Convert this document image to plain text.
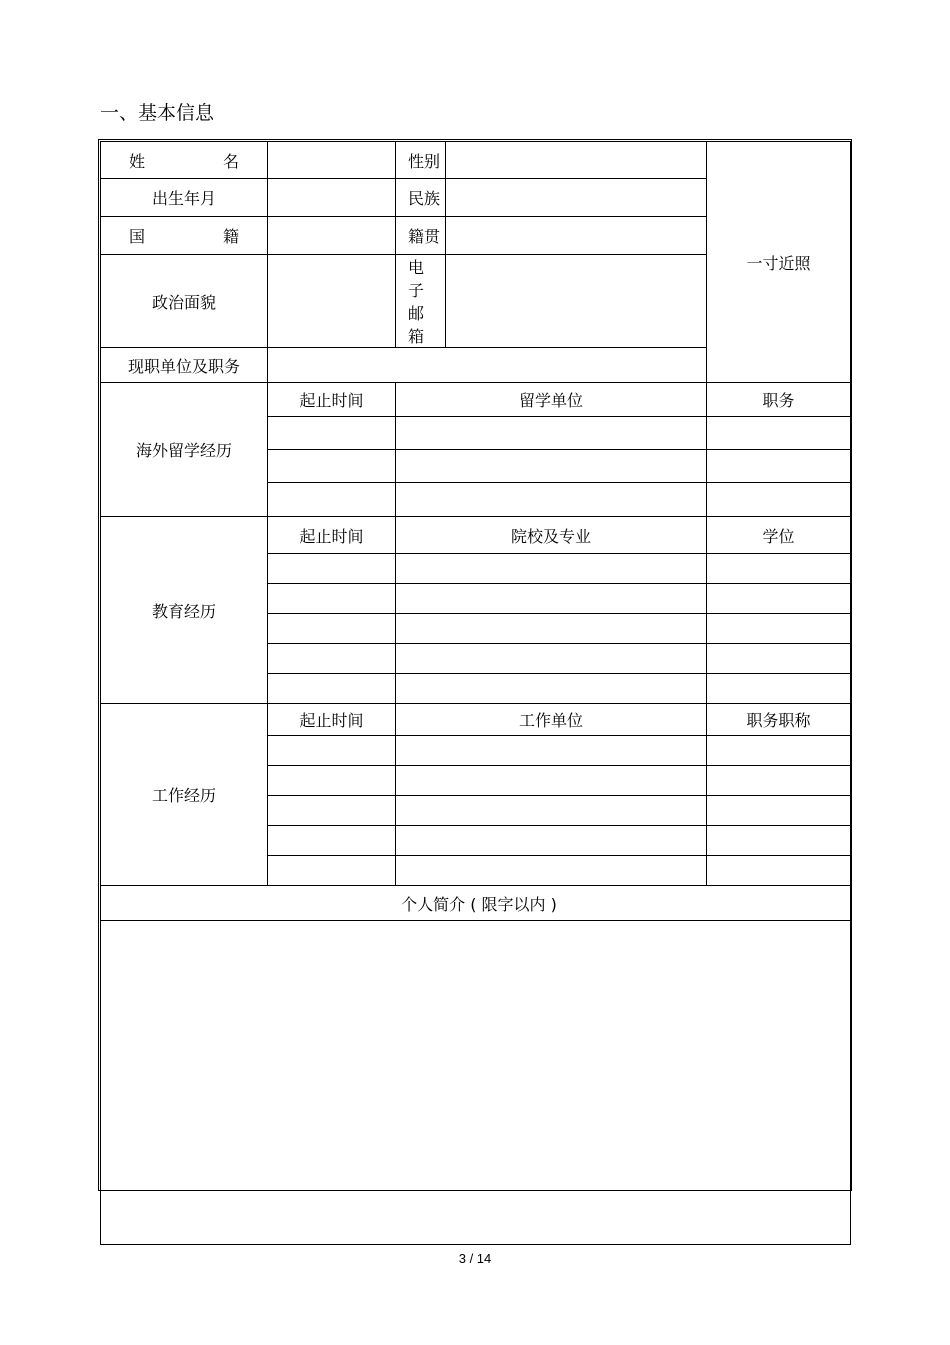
一、基本信息
姓 名		性 别		一寸近照
出生年月		民 族		

国 籍		籍 贯		

政治面貌		电子邮箱		
现职单位及职务				
海外留学经历	起止时间	留学单位		职务

教育经历	起止时间	院校及专业		学位

工作经历	起止时间	工作单位		职务职称

个人简介 ( 限字以内 )				

3 / 14
